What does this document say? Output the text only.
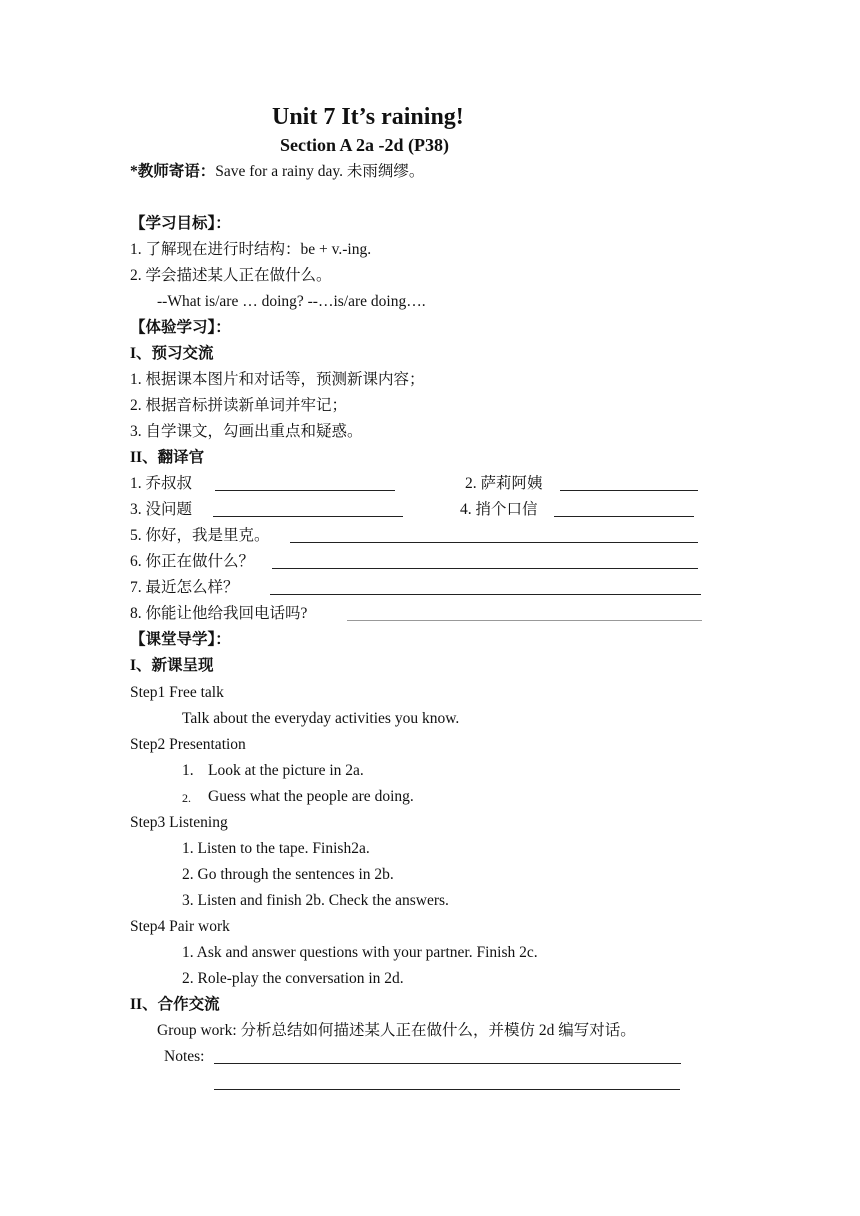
Unit 7 It’s raining!
Section A 2a -2d (P38)
*教师寄语：Save for a rainy day. 未雨绸缪。
【学习目标】：
1. 了解现在进行时结构：be + v.-ing.
2. 学会描述某人正在做什么。
--What is/are … doing? --…is/are doing….
【体验学习】：
I、预习交流
1. 根据课本图片和对话等，预测新课内容；
2. 根据音标拼读新单词并牢记；
3. 自学课文，勾画出重点和疑惑。
II、翻译官
1. 乔叔叔	2. 萨莉阿姨
3. 没问题	4. 捎个口信
5. 你好，我是里克。
6. 你正在做什么？
7. 最近怎么样？
8. 你能让他给我回电话吗?
【课堂导学】：
I、新课呈现
Step1 Free talk
Talk about the everyday activities you know.
Step2 Presentation
1. Look at the picture in 2a.
2. Guess what the people are doing.
Step3 Listening
1. Listen to the tape. Finish2a.
2. Go through the sentences in 2b.
3. Listen and finish 2b. Check the answers.
Step4 Pair work
1. Ask and answer questions with your partner. Finish 2c.
2. Role-play the conversation in 2d.
II、合作交流
Group work: 分析总结如何描述某人正在做什么，并模仿 2d 编写对话。
Notes:
